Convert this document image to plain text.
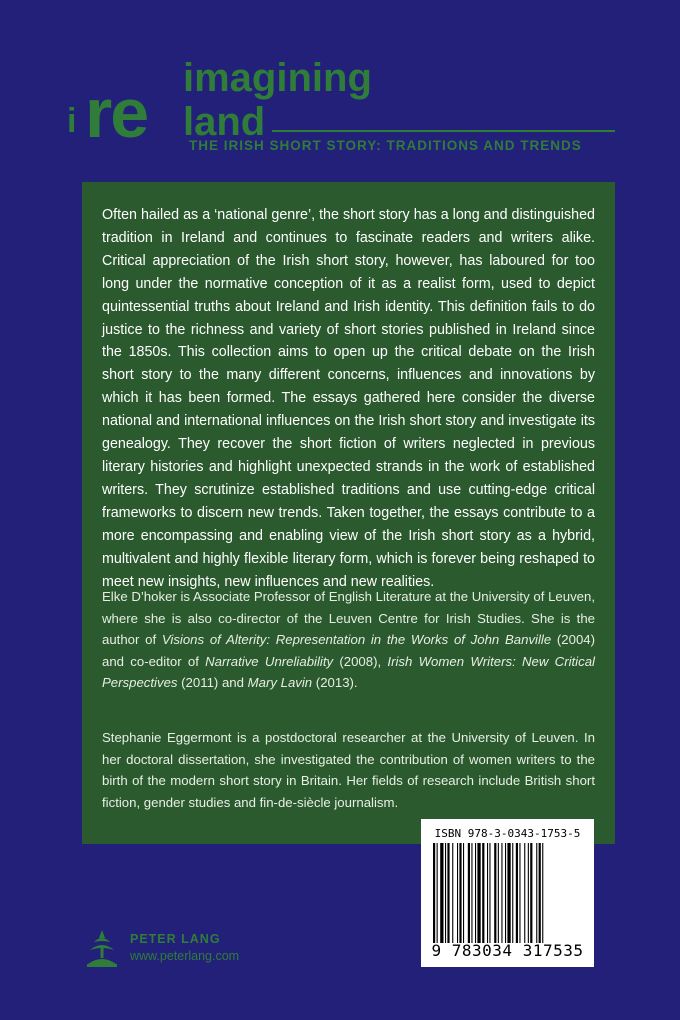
i re imagining
land
THE IRISH SHORT STORY: TRADITIONS AND TRENDS

Often hailed as a ‘national genre’, the short story has a long and distinguished tradition in Ireland and continues to fascinate readers and writers alike. Critical appreciation of the Irish short story, however, has laboured for too long under the normative conception of it as a realist form, used to depict quintessential truths about Ireland and Irish identity. This definition fails to do justice to the richness and variety of short stories published in Ireland since the 1850s. This collection aims to open up the critical debate on the Irish short story to the many different concerns, influences and innovations by which it has been formed. The essays gathered here consider the diverse national and international influences on the Irish short story and investigate its genealogy. They recover the short fiction of writers neglected in previous literary histories and highlight unexpected strands in the work of established writers. They scrutinize established traditions and use cutting-edge critical frameworks to discern new trends. Taken together, the essays contribute to a more encompassing and enabling view of the Irish short story as a hybrid, multivalent and highly flexible literary form, which is forever being reshaped to meet new insights, new influences and new realities.

Elke D’hoker is Associate Professor of English Literature at the University of Leuven, where she is also co-director of the Leuven Centre for Irish Studies. She is the author of Visions of Alterity: Representation in the Works of John Banville (2004) and co-editor of Narrative Unreliability (2008), Irish Women Writers: New Critical Perspectives (2011) and Mary Lavin (2013).

Stephanie Eggermont is a postdoctoral researcher at the University of Leuven. In her doctoral dissertation, she investigated the contribution of women writers to the birth of the modern short story in Britain. Her fields of research include British short fiction, gender studies and fin-de-siècle journalism.

ISBN 978-3-0343-1753-5
9 783034 317535
PETER LANG
www.peterlang.com
